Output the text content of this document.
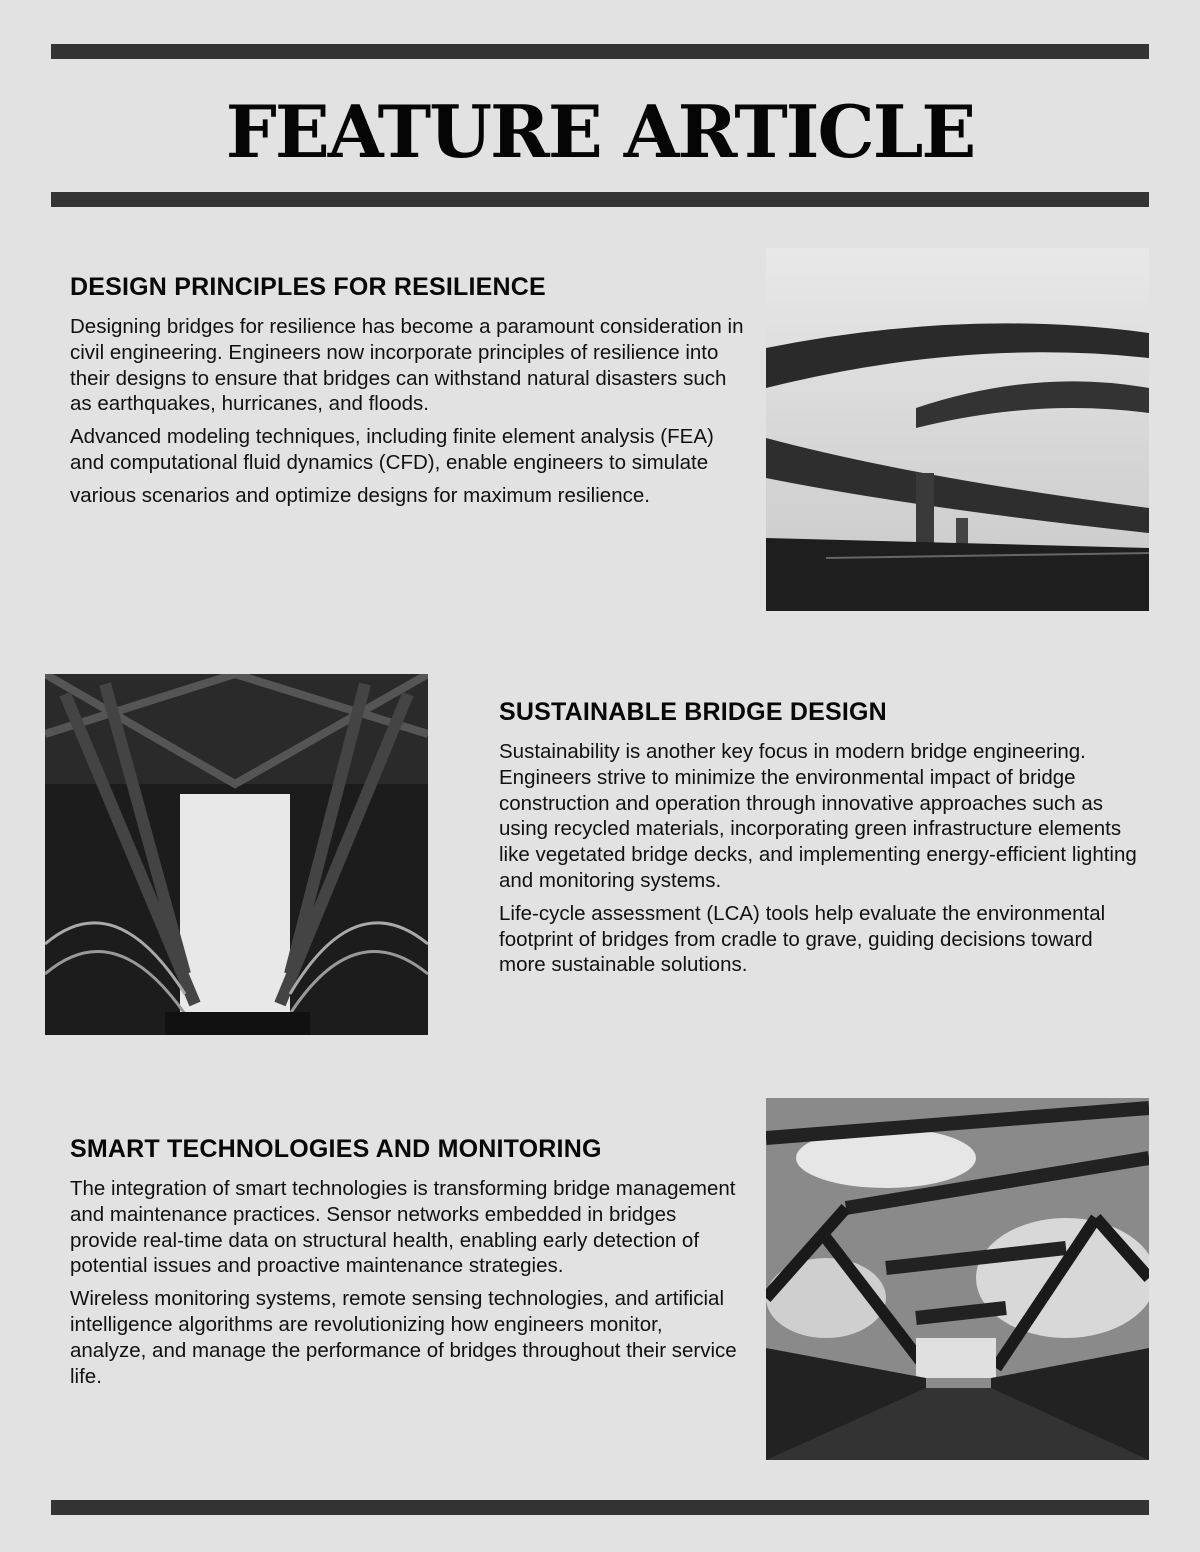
FEATURE ARTICLE
DESIGN PRINCIPLES FOR RESILIENCE

Designing bridges for resilience has become a paramount consideration in civil engineering. Engineers now incorporate principles of resilience into their designs to ensure that bridges can withstand natural disasters such as earthquakes, hurricanes, and floods.

Advanced modeling techniques, including finite element analysis (FEA) and computational fluid dynamics (CFD), enable engineers to simulate

various scenarios and optimize designs for maximum resilience.

SUSTAINABLE BRIDGE DESIGN

Sustainability is another key focus in modern bridge engineering. Engineers strive to minimize the environmental impact of bridge construction and operation through innovative approaches such as using recycled materials, incorporating green infrastructure elements like vegetated bridge decks, and implementing energy-efficient lighting and monitoring systems.

Life-cycle assessment (LCA) tools help evaluate the environmental footprint of bridges from cradle to grave, guiding decisions toward more sustainable solutions.

SMART TECHNOLOGIES AND MONITORING

The integration of smart technologies is transforming bridge management and maintenance practices. Sensor networks embedded in bridges provide real-time data on structural health, enabling early detection of potential issues and proactive maintenance strategies.

Wireless monitoring systems, remote sensing technologies, and artificial intelligence algorithms are revolutionizing how engineers monitor, analyze, and manage the performance of bridges throughout their service life.
